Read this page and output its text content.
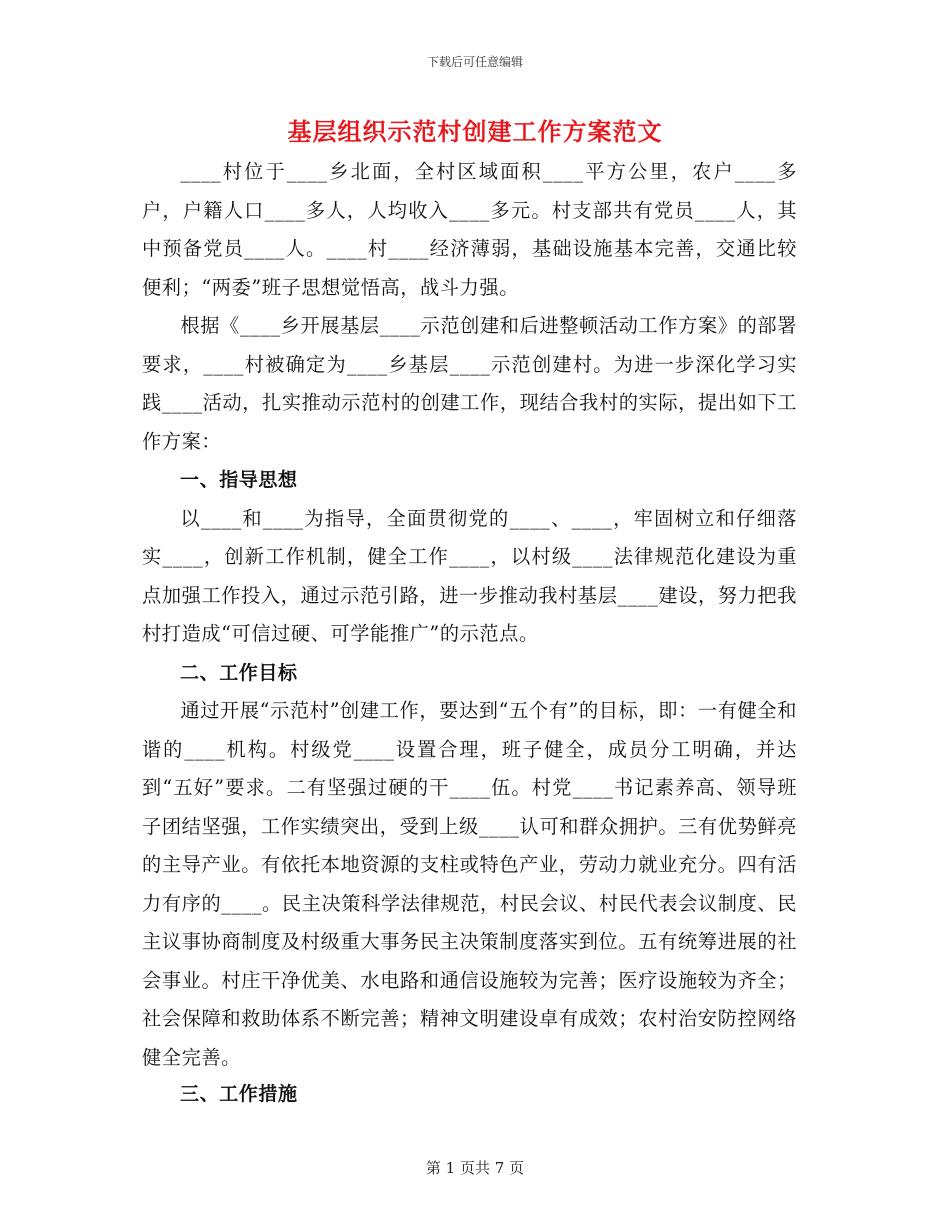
下载后可任意编辑
基层组织示范村创建工作方案范文

____村位于____乡北面，全村区域面积____平方公里，农户____多户，户籍人口____多人，人均收入____多元。村支部共有党员____人，其中预备党员____人。____村____经济薄弱，基础设施基本完善，交通比较便利；“两委”班子思想觉悟高，战斗力强。

根据《____乡开展基层____示范创建和后进整顿活动工作方案》的部署要求，____村被确定为____乡基层____示范创建村。为进一步深化学习实践____活动，扎实推动示范村的创建工作，现结合我村的实际，提出如下工作方案：

一、指导思想

以____和____为指导，全面贯彻党的____、____，牢固树立和仔细落实____，创新工作机制，健全工作____，以村级____法律规范化建设为重点加强工作投入，通过示范引路，进一步推动我村基层____建设，努力把我村打造成“可信过硬、可学能推广”的示范点。

二、工作目标

通过开展“示范村”创建工作，要达到“五个有”的目标，即：一有健全和谐的____机构。村级党____设置合理，班子健全，成员分工明确，并达到“五好”要求。二有坚强过硬的干____伍。村党____书记素养高、领导班子团结坚强，工作实绩突出，受到上级____认可和群众拥护。三有优势鲜亮的主导产业。有依托本地资源的支柱或特色产业，劳动力就业充分。四有活力有序的____。民主决策科学法律规范，村民会议、村民代表会议制度、民主议事协商制度及村级重大事务民主决策制度落实到位。五有统筹进展的社会事业。村庄干净优美、水电路和通信设施较为完善；医疗设施较为齐全；社会保障和救助体系不断完善；精神文明建设卓有成效；农村治安防控网络健全完善。

三、工作措施
第 1 页共 7 页
